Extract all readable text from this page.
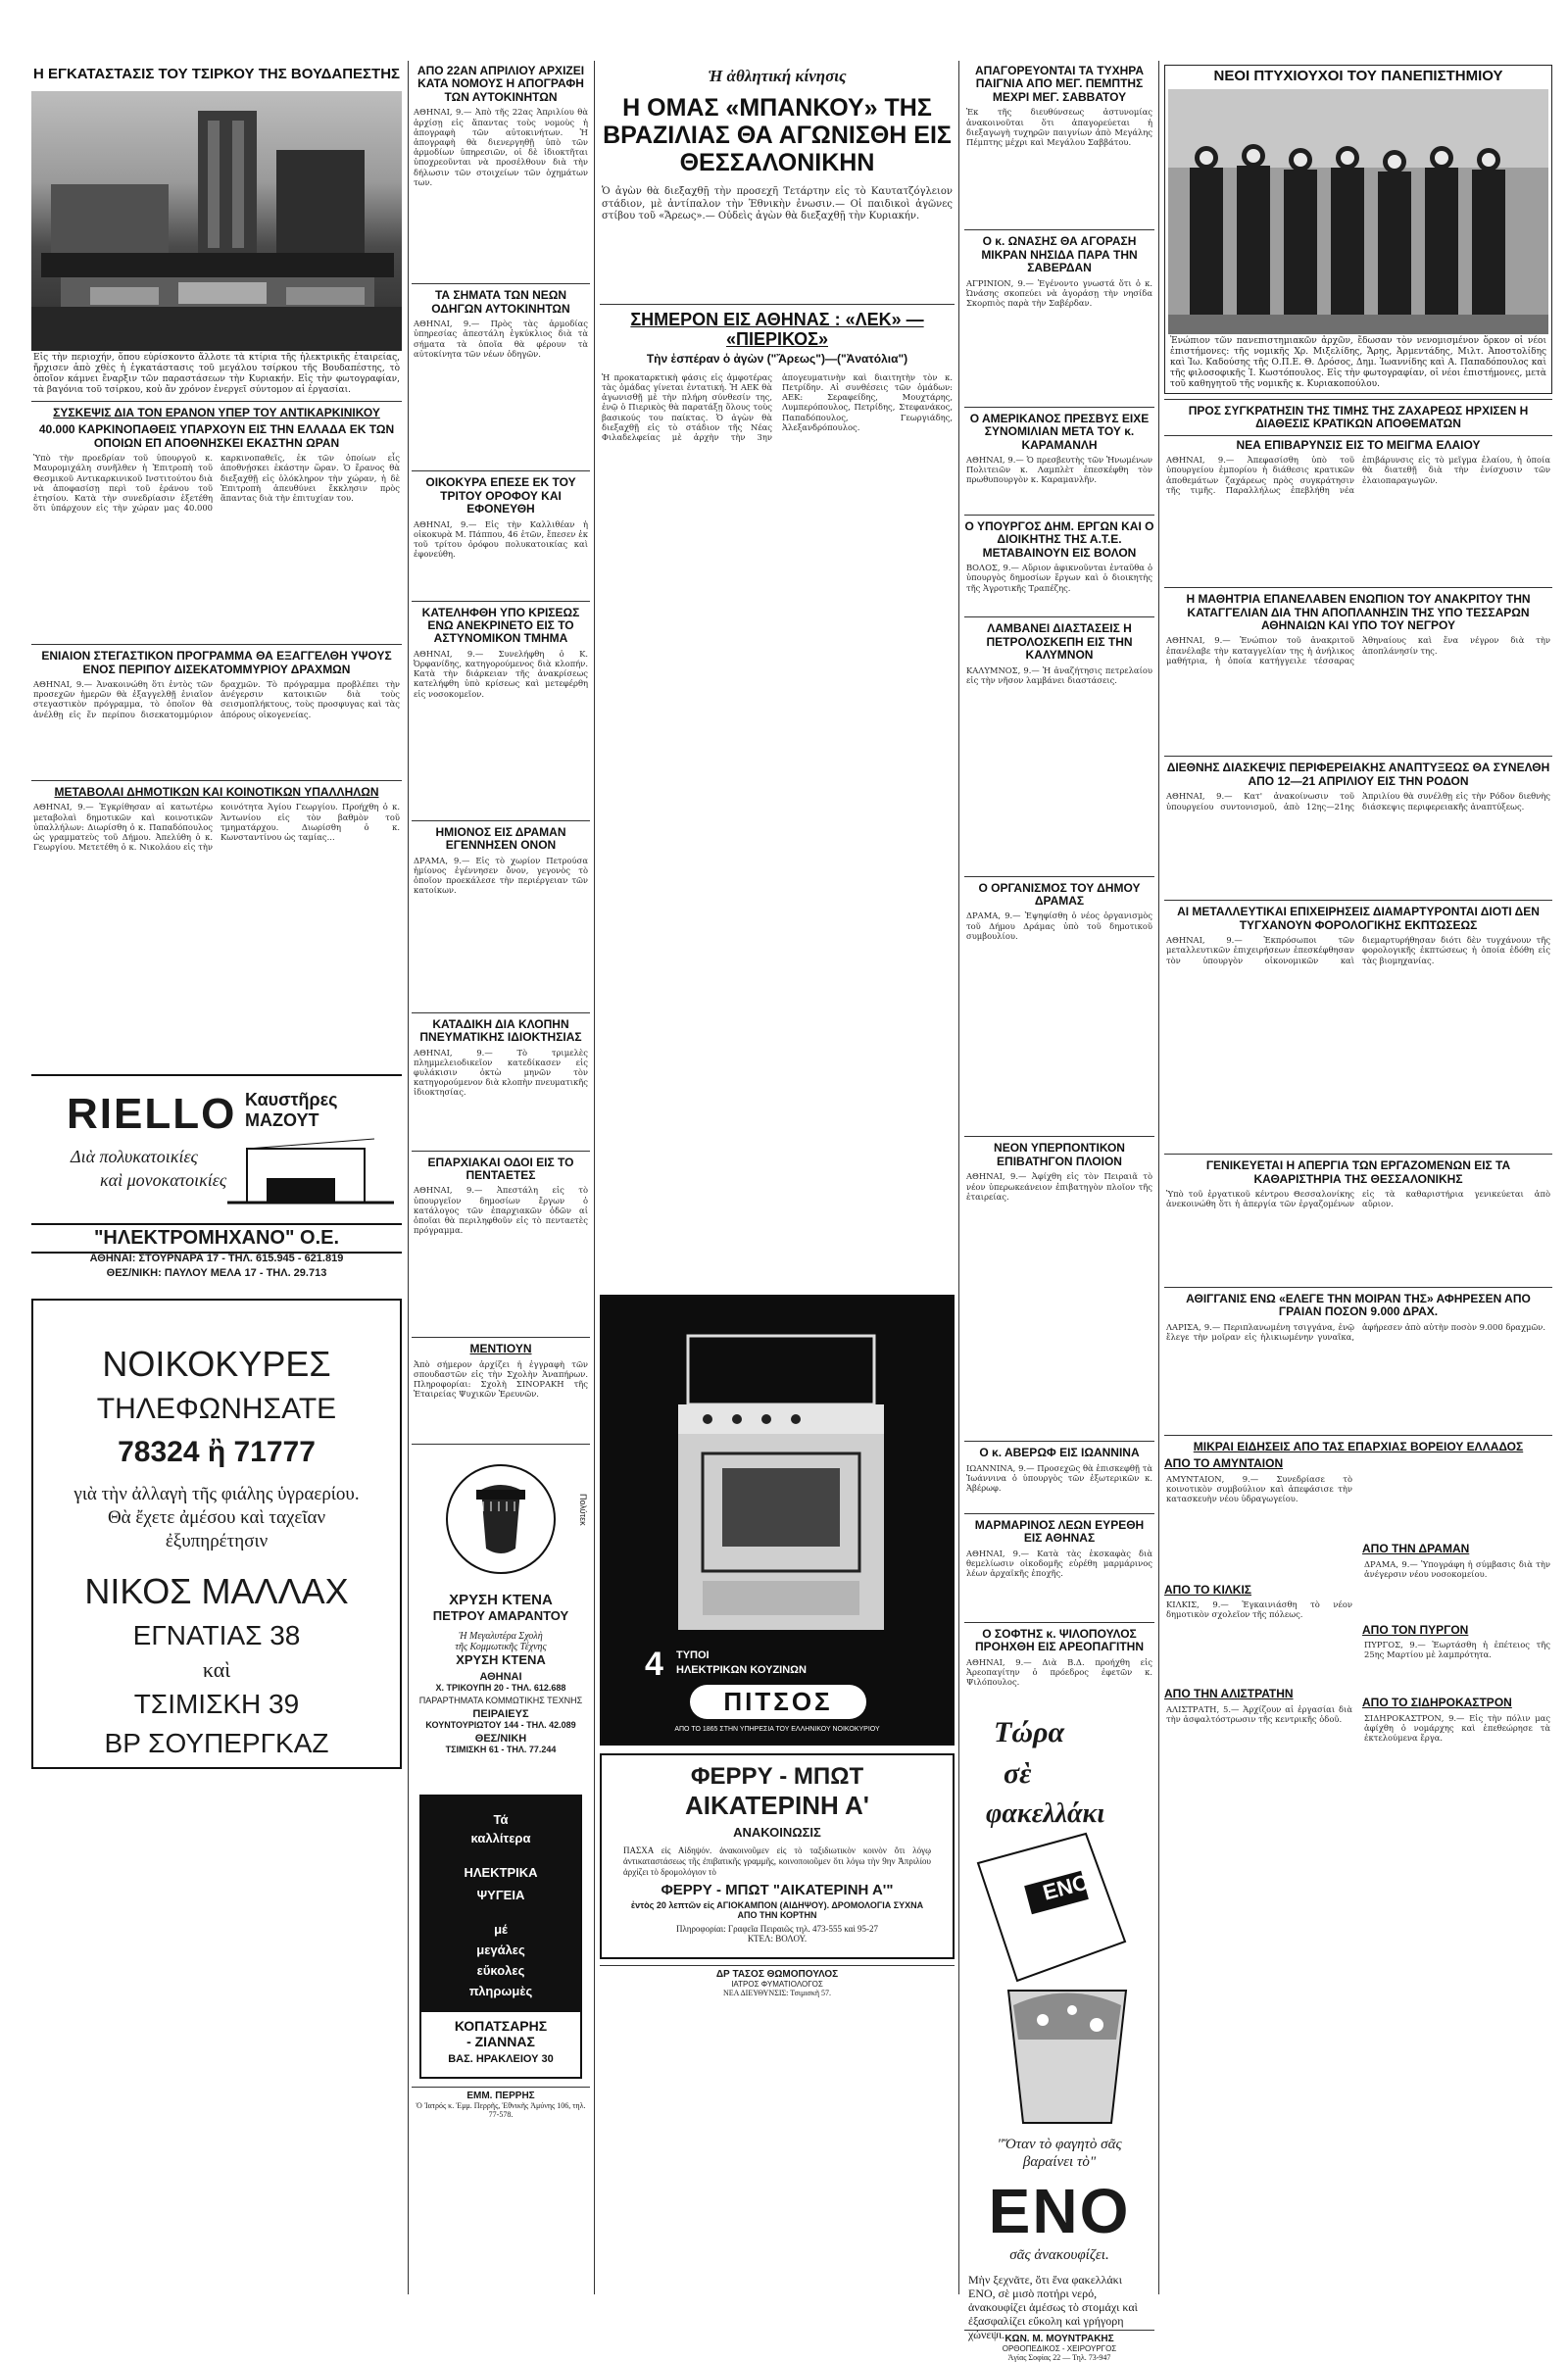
Η ΕΓΚΑΤΑΣΤΑΣΙΣ ΤΟΥ ΤΣΙΡΚΟΥ ΤΗΣ ΒΟΥΔΑΠΕΣΤΗΣ
Εἰς τὴν περιοχήν, ὅπου εὑρίσκοντο ἄλλοτε τὰ κτίρια τῆς ἠλεκτρικῆς ἑταιρείας, ἤρχισεν ἀπὸ χθὲς ἡ ἐγκατάστασις τοῦ μεγάλου τσίρκου τῆς Βουδαπέστης, τὸ ὁποῖον κάμνει ἔναρξιν τῶν παραστάσεων τὴν Κυριακήν. Εἰς τὴν φωτογραφίαν, τὰ βαγόνια τοῦ τσίρκου, κοὐ ἄν χρόνον ἐνεργεῖ σύντομον αἱ ἐργασίαι.
ΣΥΣΚΕΨΙΣ ΔΙΑ ΤΟΝ ΕΡΑΝΟΝ ΥΠΕΡ ΤΟΥ ΑΝΤΙΚΑΡΚΙΝΙΚΟΥ
40.000 ΚΑΡΚΙΝΟΠΑΘΕΙΣ ΥΠΑΡΧΟΥΝ ΕΙΣ ΤΗΝ ΕΛΛΑΔΑ ΕΚ ΤΩΝ ΟΠΟΙΩΝ ΕΠ ΑΠΟΘΝΗΣΚΕΙ ΕΚΑΣΤΗΝ ΩΡΑΝ
Ὑπὸ τὴν προεδρίαν τοῦ ὑπουργοῦ κ. Μαυρομιχάλη συνῆλθεν ἡ Ἐπιτροπὴ τοῦ Θεσμικοῦ Αντικαρκινικοῦ Ινστιτούτου διὰ νὰ ἀποφασίσῃ περὶ τοῦ ἐράνου τοῦ ἐτησίου. Κατὰ τὴν συνεδρίασιν ἐξετέθη ὅτι ὑπάρχουν εἰς τὴν χώραν μας 40.000 καρκινοπαθεῖς, ἐκ τῶν ὁποίων εἷς ἀποθνῄσκει ἑκάστην ὥραν. Ὁ ἔρανος θὰ διεξαχθῇ εἰς ὁλόκληρον τὴν χώραν, ἡ δὲ Ἐπιτροπὴ ἀπευθύνει ἔκκλησιν πρὸς ἅπαντας διὰ τὴν ἐπιτυχίαν του.
ΕΝΙΑΙΟΝ ΣΤΕΓΑΣΤΙΚΟΝ ΠΡΟΓΡΑΜΜΑ ΘΑ ΕΞΑΓΓΕΛΘΗ ΥΨΟΥΣ ΕΝΟΣ ΠΕΡΙΠΟΥ ΔΙΣΕΚΑΤΟΜΜΥΡΙΟΥ ΔΡΑΧΜΩΝ
ΑΘΗΝΑΙ, 9.— Ἀνακοινώθη ὅτι ἐντὸς τῶν προσεχῶν ἡμερῶν θὰ ἐξαγγελθῇ ἑνιαῖον στεγαστικὸν πρόγραμμα, τὸ ὁποῖον θὰ ἀνέλθῃ εἰς ἕν περίπου δισεκατομμύριον δραχμῶν. Τὸ πρόγραμμα προβλέπει τὴν ἀνέγερσιν κατοικιῶν διὰ τοὺς σεισμοπλήκτους, τοὺς προσφυγας καὶ τὰς ἀπόρους οἰκογενείας.
ΜΕΤΑΒΟΛΑΙ ΔΗΜΟΤΙΚΩΝ ΚΑΙ ΚΟΙΝΟΤΙΚΩΝ ΥΠΑΛΛΗΛΩΝ
ΑΘΗΝΑΙ, 9.— Ἐγκρίθησαν αἱ κατωτέρω μεταβολαὶ δημοτικῶν καὶ κοινοτικῶν ὑπαλλήλων: Διωρίσθη ὁ κ. Παπαδόπουλος ὡς γραμματεὺς τοῦ Δήμου. Ἀπελύθη ὁ κ. Γεωργίου. Μετετέθη ὁ κ. Νικολάου εἰς τὴν κοινότητα Ἀγίου Γεωργίου. Προήχθη ὁ κ. Ἀντωνίου εἰς τὸν βαθμὸν τοῦ τμηματάρχου. Διωρίσθη ὁ κ. Κωνσταντίνου ὡς ταμίας...
RIELLO Καυστῆρες ΜΑΖΟΥΤ
Διὰ πολυκατοικίες
καὶ μονοκατοικίες
"ΗΛΕΚΤΡΟΜΗΧΑΝΟ" Ο.Ε.
ΑΘΗΝΑΙ: ΣΤΟΥΡΝΑΡΑ 17 - ΤΗΛ. 615.945 - 621.819
ΘΕΣ/ΝΙΚΗ: ΠΑΥΛΟΥ ΜΕΛΑ 17 - ΤΗΛ. 29.713
ΝΟΙΚΟΚΥΡΕΣ
ΤΗΛΕΦΩΝΗΣΑΤΕ
78324 ἢ 71777
γιὰ τὴν ἀλλαγὴ τῆς φιάλης ὑγραερίου. Θὰ ἔχετε ἀμέσου καὶ ταχεῖαν ἐξυπηρέτησιν
ΝΙΚΟΣ ΜΑΛΛΑΧ
ΕΓΝΑΤΙΑΣ 38
καὶ
ΤΣΙΜΙΣΚΗ 39
ΒΡ ΣΟΥΠΕΡΓΚΑΖ
ΑΠΟ 22ΑΝ ΑΠΡΙΛΙΟΥ ΑΡΧΙΖΕΙ ΚΑΤΑ ΝΟΜΟΥΣ Η ΑΠΟΓΡΑΦΗ ΤΩΝ ΑΥΤΟΚΙΝΗΤΩΝ
ΑΘΗΝΑΙ, 9.— Ἀπὸ τῆς 22ας Ἀπριλίου θὰ ἀρχίσῃ εἰς ἅπαντας τοὺς νομοὺς ἡ ἀπογραφὴ τῶν αὐτοκινήτων. Ἡ ἀπογραφὴ θὰ διενεργηθῇ ὑπὸ τῶν ἁρμοδίων ὑπηρεσιῶν, οἱ δὲ ἰδιοκτῆται ὑποχρεοῦνται νὰ προσέλθουν διὰ τὴν δήλωσιν τῶν στοιχείων τῶν ὀχημάτων των.
ΤΑ ΣΗΜΑΤΑ ΤΩΝ ΝΕΩΝ ΟΔΗΓΩΝ ΑΥΤΟΚΙΝΗΤΩΝ
ΑΘΗΝΑΙ, 9.— Πρὸς τὰς ἁρμοδίας ὑπηρεσίας ἀπεστάλη ἐγκύκλιος διὰ τὰ σήματα τὰ ὁποῖα θὰ φέρουν τὰ αὐτοκίνητα τῶν νέων ὁδηγῶν.
ΟΙΚΟΚΥΡΑ ΕΠΕΣΕ ΕΚ ΤΟΥ ΤΡΙΤΟΥ ΟΡΟΦΟΥ ΚΑΙ ΕΦΟΝΕΥΘΗ
ΑΘΗΝΑΙ, 9.— Εἰς τὴν Καλλιθέαν ἡ οἰκοκυρὰ Μ. Πάππου, 46 ἐτῶν, ἔπεσεν ἐκ τοῦ τρίτου ὀρόφου πολυκατοικίας καὶ ἐφονεύθη.
ΚΑΤΕΛΗΦΘΗ ΥΠΟ ΚΡΙΣΕΩΣ ΕΝΩ ΑΝΕΚΡΙΝΕΤΟ ΕΙΣ ΤΟ ΑΣΤΥΝΟΜΙΚΟΝ ΤΜΗΜΑ
ΑΘΗΝΑΙ, 9.— Συνελήφθη ὁ Κ. Ὀρφανίδης, κατηγορούμενος διὰ κλοπήν. Κατὰ τὴν διάρκειαν τῆς ἀνακρίσεως κατελήφθη ὑπὸ κρίσεως καὶ μετεφέρθη εἰς νοσοκομεῖον.
ΗΜΙΟΝΟΣ ΕΙΣ ΔΡΑΜΑΝ ΕΓΕΝΝΗΣΕΝ ΟΝΟΝ
ΔΡΑΜΑ, 9.— Εἰς τὸ χωρίον Πετρούσα ἡμίονος ἐγέννησεν ὄνον, γεγονὸς τὸ ὁποῖον προεκάλεσε τὴν περιέργειαν τῶν κατοίκων.
ΚΑΤΑΔΙΚΗ ΔΙΑ ΚΛΟΠΗΝ ΠΝΕΥΜΑΤΙΚΗΣ ΙΔΙΟΚΤΗΣΙΑΣ
ΑΘΗΝΑΙ, 9.— Τὸ τριμελὲς πλημμελειοδικεῖον κατεδίκασεν εἰς φυλάκισιν ὀκτὼ μηνῶν τὸν κατηγορούμενον διὰ κλοπὴν πνευματικῆς ἰδιοκτησίας.
ΕΠΑΡΧΙΑΚΑΙ ΟΔΟΙ ΕΙΣ ΤΟ ΠΕΝΤΑΕΤΕΣ
ΑΘΗΝΑΙ, 9.— Ἀπεστάλη εἰς τὸ ὑπουργεῖον δημοσίων ἔργων ὁ κατάλογος τῶν ἐπαρχιακῶν ὁδῶν αἱ ὁποῖαι θὰ περιληφθοῦν εἰς τὸ πενταετὲς πρόγραμμα.
ΜΕΝΤΙΟΥΝ
Ἀπὸ σήμερον ἀρχίζει ἡ ἐγγραφὴ τῶν σπουδαστῶν εἰς τὴν Σχολὴν Ἀναπήρων. Πληροφορίαι: Σχολὴ ΣΙΝΟΡΑΚΗ τῆς Ἑταιρείας Ψυχικῶν Ἐρευνῶν.
Πολύτεκ
ΧΡΥΣΗ ΚΤΕΝΑ
ΠΕΤΡΟΥ ΑΜΑΡΑΝΤΟΥ
Ἡ Μεγαλυτέρα Σχολὴ
τῆς Κομμωτικῆς Τέχνης
ΧΡΥΣΗ ΚΤΕΝΑ
ΑΘΗΝΑΙ
Χ. ΤΡΙΚΟΥΠΗ 20 - ΤΗΛ. 612.688
ΠΑΡΑΡΤΗΜΑΤΑ ΚΟΜΜΩΤΙΚΗΣ ΤΕΧΝΗΣ
ΠΕΙΡΑΙΕΥΣ
ΚΟΥΝΤΟΥΡΙΩΤΟΥ 144 - ΤΗΛ. 42.089
ΘΕΣ/ΝΙΚΗ
ΤΣΙΜΙΣΚΗ 61 - ΤΗΛ. 77.244
Τά
καλλίτερα
ΗΛΕΚΤΡΙΚΑ
ΨΥΓΕΙΑ
μέ
μεγάλες
εὔκολες
πληρωμὲς
ΚΟΠΑΤΣΑΡΗΣ
- ΖΙΑΝΝΑΣ
ΒΑΣ. ΗΡΑΚΛΕΙΟΥ 30
ΕΜΜ. ΠΕΡΡΗΣ
Ὁ Ἰατρός κ. Ἐμμ. Περρῆς, Ἐθνικῆς Ἀμύνης 106, τηλ. 77-578.
Ἡ ἀθλητική κίνησις
Η ΟΜΑΣ «ΜΠΑΝΚΟΥ» ΤΗΣ ΒΡΑΖΙΛΙΑΣ ΘΑ ΑΓΩΝΙΣΘΗ ΕΙΣ ΘΕΣΣΑΛΟΝΙΚΗΝ
Ὁ ἀγὼν θὰ διεξαχθῇ τὴν προσεχῆ Τετάρτην εἰς τὸ Καυτατζόγλειον στάδιον, μὲ ἀντίπαλον τὴν Ἐθνικὴν ἐνωσιν.— Οἱ παιδικοὶ ἀγῶνες στίβου τοῦ «Ἄρεως».— Οὐδεὶς ἀγὼν θὰ διεξαχθῇ τὴν Κυριακήν.
ΣΗΜΕΡΟΝ ΕΙΣ ΑΘΗΝΑΣ : «ΛΕΚ» — «ΠΙΕΡΙΚΟΣ»
Τὴν ἐσπέραν ὁ ἀγὼν ("Ἄρεως")—("Ἀνατόλια")
Ἡ προκαταρκτικὴ φάσις εἰς ἀμφοτέρας τὰς ὁμάδας γίνεται ἐντατική. Ἡ ΑΕΚ θὰ ἀγωνισθῇ μὲ τὴν πλήρη σύνθεσίν της, ἐνῷ ὁ Πιερικὸς θὰ παρατάξῃ ὅλους τοὺς βασικούς του παίκτας. Ὁ ἀγὼν θὰ διεξαχθῇ εἰς τὸ στάδιον τῆς Νέας Φιλαδελφείας μὲ ἀρχὴν τὴν 3ην ἀπογευματινὴν καὶ διαιτητὴν τὸν κ. Πετρίδην. Αἱ συνθέσεις τῶν ὁμάδων: ΑΕΚ: Σεραφείδης, Μουχτάρης, Λυμπερόπουλος, Πετρίδης, Στεφανάκος, Παπαδόπουλος, Γεωργιάδης, Ἀλεξανδρόπουλος.
4 ΤΥΠΟΙ
ΗΛΕΚΤΡΙΚΩΝ ΚΟΥΖΙΝΩΝ
ΠΙΤΣΟΣ
ΑΠΟ ΤΟ 1865 ΣΤΗΝ ΥΠΗΡΕΣΙΑ ΤΟΥ ΕΛΛΗΝΙΚΟΥ ΝΟΙΚΟΚΥΡΙΟΥ
ΦΕΡΡΥ - ΜΠΩΤ
ΑΙΚΑΤΕΡΙΝΗ Α'
ΑΝΑΚΟΙΝΩΣΙΣ
ΠΑΣΧΑ εἰς Αἰδηψόν. ἀνακοινοῦμεν εἰς τὸ ταξιδιωτικὸν κοινὸν ὅτι λόγῳ ἀντικαταστάσεως τῆς ἐπιβατικῆς γραμμῆς, κοινοποιοῦμεν ὅτι λόγω τὴν 9ην Ἀπριλίου ἀρχίζει τὸ δρομολόγιον τὸ
ΦΕΡΡΥ - ΜΠΩΤ "ΑΙΚΑΤΕΡΙΝΗ Α'"
ἐντὸς 20 λεπτῶν εἰς ΑΓΙΟΚΑΜΠΟΝ (ΑΙΔΗΨΟΥ). ΔΡΟΜΟΛΟΓΙΑ ΣΥΧΝΑ ΑΠΟ ΤΗΝ ΚΟΡΤΗΝ
Πληροφορίαι: Γραφεῖα Πειραιῶς τηλ. 473-555 καὶ 95-27
ΚΤΕΛ: ΒΟΛΟΥ.
ΔΡ ΤΑΣΟΣ ΘΩΜΟΠΟΥΛΟΣ
ΙΑΤΡΟΣ ΦΥΜΑΤΙΟΛΟΓΟΣ
ΝΕΑ ΔΙΕΥΘΥΝΣΙΣ: Τσιμισκῆ 57.
ΑΠΑΓΟΡΕΥΟΝΤΑΙ ΤΑ ΤΥΧΗΡΑ ΠΑΙΓΝΙΑ ΑΠΟ ΜΕΓ. ΠΕΜΠΤΗΣ ΜΕΧΡΙ ΜΕΓ. ΣΑΒΒΑΤΟΥ
Ἐκ τῆς διευθύνσεως ἀστυνομίας ἀνακοινοῦται ὅτι ἀπαγορεύεται ἡ διεξαγωγὴ τυχηρῶν παιγνίων ἀπὸ Μεγάλης Πέμπτης μέχρι καὶ Μεγάλου Σαββάτου.
Ο κ. ΩΝΑΣΗΣ ΘΑ ΑΓΟΡΑΣΗ ΜΙΚΡΑΝ ΝΗΣΙΔΑ ΠΑΡΑ ΤΗΝ ΣΑΒΕΡΔΑΝ
ΑΓΡΙΝΙΟΝ, 9.— Ἐγένοντο γνωστά ὅτι ὁ κ. Ὠνάσης σκοπεύει νὰ ἀγοράσῃ τὴν νησίδα Σκορπιὸς παρὰ τὴν Σαβέρδαν.
Ο ΑΜΕΡΙΚΑΝΟΣ ΠΡΕΣΒΥΣ ΕΙΧΕ ΣΥΝΟΜΙΛΙΑΝ ΜΕΤΑ ΤΟΥ κ. ΚΑΡΑΜΑΝΛΗ
ΑΘΗΝΑΙ, 9.— Ὁ πρεσβευτὴς τῶν Ἡνωμένων Πολιτειῶν κ. Λαμπλὲτ ἐπεσκέφθη τὸν πρωθυπουργὸν κ. Καραμανλῆν.
Ο ΥΠΟΥΡΓΟΣ ΔΗΜ. ΕΡΓΩΝ ΚΑΙ Ο ΔΙΟΙΚΗΤΗΣ ΤΗΣ Α.Τ.Ε. ΜΕΤΑΒΑΙΝΟΥΝ ΕΙΣ ΒΟΛΟΝ
ΒΟΛΟΣ, 9.— Αὔριον ἀφικνοῦνται ἐνταῦθα ὁ ὑπουργὸς δημοσίων ἔργων καὶ ὁ διοικητὴς τῆς Ἀγροτικῆς Τραπέζης.
ΛΑΜΒΑΝΕΙ ΔΙΑΣΤΑΣΕΙΣ Η ΠΕΤΡΟΛΟΣΚΕΠΗ ΕΙΣ ΤΗΝ ΚΑΛΥΜΝΟΝ
ΚΑΛΥΜΝΟΣ, 9.— Ἡ ἀναζήτησις πετρελαίου εἰς τὴν νῆσον λαμβάνει διαστάσεις.
Ο ΟΡΓΑΝΙΣΜΟΣ ΤΟΥ ΔΗΜΟΥ ΔΡΑΜΑΣ
ΔΡΑΜΑ, 9.— Ἐψηφίσθη ὁ νέος ὀργανισμὸς τοῦ Δήμου Δράμας ὑπὸ τοῦ δημοτικοῦ συμβουλίου.
ΝΕΟΝ ΥΠΕΡΠΟΝΤΙΚΟΝ ΕΠΙΒΑΤΗΓΟΝ ΠΛΟΙΟΝ
ΑΘΗΝΑΙ, 9.— Ἀφίχθη εἰς τὸν Πειραιᾶ τὸ νέον ὑπερωκεάνειον ἐπιβατηγὸν πλοῖον τῆς ἑταιρείας.
Ο κ. ΑΒΕΡΩΦ ΕΙΣ ΙΩΑΝΝΙΝΑ
ΙΩΑΝΝΙΝΑ, 9.— Προσεχῶς θὰ ἐπισκεφθῇ τὰ Ἰωάννινα ὁ ὑπουργὸς τῶν ἐξωτερικῶν κ. Ἀβέρωφ.
ΜΑΡΜΑΡΙΝΟΣ ΛΕΩΝ ΕΥΡΕΘΗ ΕΙΣ ΑΘΗΝΑΣ
ΑΘΗΝΑΙ, 9.— Κατὰ τὰς ἐκσκαφὰς διὰ θεμελίωσιν οἰκοδομῆς εὑρέθη μαρμάρινος λέων ἀρχαϊκῆς ἐποχῆς.
Ο ΣΟΦΤΗΣ κ. ΨΙΛΟΠΟΥΛΟΣ ΠΡΟΗΧΘΗ ΕΙΣ ΑΡΕΟΠΑΓΙΤΗΝ
ΑΘΗΝΑΙ, 9.— Διὰ Β.Δ. προήχθη εἰς Ἀρεοπαγίτην ὁ πρόεδρος ἐφετῶν κ. Ψιλόπουλος.
Τώρα
σὲ
φακελλάκι
ENO
"Ὅταν τὸ φαγητὸ σᾶς βαραίνει τὸ"
ΕΝΟ
σᾶς ἀνακουφίζει.
Μὴν ξεχνᾶτε, ὅτι ἕνα φακελλάκι ENO, σὲ μισὸ ποτήρι νερό, ἀνακουφίζει ἀμέσως τὸ στομάχι καὶ ἐξασφαλίζει εὔκολη καὶ γρήγορη χώνεψι. ΚΩΝ. Μ. ΜΟΥΝΤΡΑΚΗΣ
ΟΡΘΟΠΕΔΙΚΟΣ - ΧΕΙΡΟΥΡΓΟΣ
Ἁγίας Σοφίας 22 — Τηλ. 73-947
ΝΕΟΙ ΠΤΥΧΙΟΥΧΟΙ ΤΟΥ ΠΑΝΕΠΙΣΤΗΜΙΟΥ
Ἐνώπιον τῶν πανεπιστημιακῶν ἀρχῶν, ἔδωσαν τὸν νενομισμένον ὅρκον οἱ νέοι ἐπιστήμονες: τῆς νομικῆς Χρ. Μιξελίδης, Ἄρης, Ἀρμεντάδης, Μιλτ. Ἀποστολίδης καὶ Ἰω. Καδούσης τῆς Ο.Π.Ε. Θ. Δρόσος, Δημ. Ἰωαννίδης καὶ Α. Παπαδόπουλος καὶ τῆς φιλοσοφικῆς Ἰ. Κωστόπουλος. Εἰς τὴν φωτογραφίαν, οἱ νέοι ἐπιστήμονες, μετὰ τοῦ καθηγητοῦ τῆς νομικῆς κ. Κυριακοπούλου.
ΠΡΟΣ ΣΥΓΚΡΑΤΗΣΙΝ ΤΗΣ ΤΙΜΗΣ ΤΗΣ ΖΑΧΑΡΕΩΣ ΗΡΧΙΣΕΝ Η ΔΙΑΘΕΣΙΣ ΚΡΑΤΙΚΩΝ ΑΠΟΘΕΜΑΤΩΝ
ΝΕΑ ΕΠΙΒΑΡΥΝΣΙΣ ΕΙΣ ΤΟ ΜΕΙΓΜΑ ΕΛΑΙΟΥ
ΑΘΗΝΑΙ, 9.— Ἀπεφασίσθη ὑπὸ τοῦ ὑπουργείου ἐμπορίου ἡ διάθεσις κρατικῶν ἀποθεμάτων ζαχάρεως πρὸς συγκράτησιν τῆς τιμῆς. Παραλλήλως ἐπεβλήθη νέα ἐπιβάρυνσις εἰς τὸ μεῖγμα ἐλαίου, ἡ ὁποία θὰ διατεθῇ διὰ τὴν ἐνίσχυσιν τῶν ἐλαιοπαραγωγῶν.
Η ΜΑΘΗΤΡΙΑ ΕΠΑΝΕΛΑΒΕΝ ΕΝΩΠΙΟΝ ΤΟΥ ΑΝΑΚΡΙΤΟΥ ΤΗΝ ΚΑΤΑΓΓΕΛΙΑΝ ΔΙΑ ΤΗΝ ΑΠΟΠΛΑΝΗΣΙΝ ΤΗΣ ΥΠΟ ΤΕΣΣΑΡΩΝ ΑΘΗΝΑΙΩΝ ΚΑΙ ΥΠΟ ΤΟΥ ΝΕΓΡΟΥ
ΑΘΗΝΑΙ, 9.— Ἐνώπιον τοῦ ἀνακριτοῦ ἐπανέλαβε τὴν καταγγελίαν της ἡ ἀνήλικος μαθήτρια, ἡ ὁποία κατήγγειλε τέσσαρας Ἀθηναίους καὶ ἕνα νέγρον διὰ τὴν ἀποπλάνησίν της.
ΔΙΕΘΝΗΣ ΔΙΑΣΚΕΨΙΣ ΠΕΡΙΦΕΡΕΙΑΚΗΣ ΑΝΑΠΤΥΞΕΩΣ ΘΑ ΣΥΝΕΛΘΗ ΑΠΟ 12—21 ΑΠΡΙΛΙΟΥ ΕΙΣ ΤΗΝ ΡΟΔΟΝ
ΑΘΗΝΑΙ, 9.— Κατ' ἀνακοίνωσιν τοῦ ὑπουργείου συντονισμοῦ, ἀπὸ 12ης—21ης Ἀπριλίου θὰ συνέλθῃ εἰς τὴν Ρόδον διεθνὴς διάσκεψις περιφερειακῆς ἀναπτύξεως.
ΑΙ ΜΕΤΑΛΛΕΥΤΙΚΑΙ ΕΠΙΧΕΙΡΗΣΕΙΣ ΔΙΑΜΑΡΤΥΡΟΝΤΑΙ ΔΙΟΤΙ ΔΕΝ ΤΥΓΧΑΝΟΥΝ ΦΟΡΟΛΟΓΙΚΗΣ ΕΚΠΤΩΣΕΩΣ
ΑΘΗΝΑΙ, 9.— Ἐκπρόσωποι τῶν μεταλλευτικῶν ἐπιχειρήσεων ἐπεσκέφθησαν τὸν ὑπουργὸν οἰκονομικῶν καὶ διεμαρτυρήθησαν διότι δὲν τυγχάνουν τῆς φορολογικῆς ἐκπτώσεως ἡ ὁποία ἐδόθη εἰς τὰς βιομηχανίας.
ΓΕΝΙΚΕΥΕΤΑΙ Η ΑΠΕΡΓΙΑ ΤΩΝ ΕΡΓΑΖΟΜΕΝΩΝ ΕΙΣ ΤΑ ΚΑΘΑΡΙΣΤΗΡΙΑ ΤΗΣ ΘΕΣΣΑΛΟΝΙΚΗΣ
Ὑπὸ τοῦ ἐργατικοῦ κέντρου Θεσσαλονίκης ἀνεκοινώθη ὅτι ἡ ἀπεργία τῶν ἐργαζομένων εἰς τὰ καθαριστήρια γενικεύεται ἀπὸ αὔριον.
ΑΘΙΓΓΑΝΙΣ ΕΝΩ «ΕΛΕΓΕ ΤΗΝ ΜΟΙΡΑΝ ΤΗΣ» ΑΦΗΡΕΣΕΝ ΑΠΟ ΓΡΑΙΑΝ ΠΟΣΟΝ 9.000 ΔΡΑΧ.
ΛΑΡΙΣΑ, 9.— Περιπλανωμένη τσιγγάνα, ἐνῷ ἔλεγε τὴν μοῖραν εἰς ἡλικιωμένην γυναῖκα, ἀφήρεσεν ἀπὸ αὐτὴν ποσὸν 9.000 δραχμῶν.
ΜΙΚΡΑΙ ΕΙΔΗΣΕΙΣ ΑΠΟ ΤΑΣ ΕΠΑΡΧΙΑΣ ΒΟΡΕΙΟΥ ΕΛΛΑΔΟΣ
ΑΠΟ ΤΟ ΑΜΥΝΤΑΙΟΝ
ΑΜΥΝΤΑΙΟΝ, 9.— Συνεδρίασε τὸ κοινοτικὸν συμβούλιον καὶ ἀπεφάσισε τὴν κατασκευὴν νέου ὑδραγωγείου.
ΑΠΟ ΤΟ ΚΙΛΚΙΣ
ΚΙΛΚΙΣ, 9.— Ἐγκαινιάσθη τὸ νέον δημοτικὸν σχολεῖον τῆς πόλεως.
ΑΠΟ ΤΗΝ ΑΛΙΣΤΡΑΤΗΝ
ΑΛΙΣΤΡΑΤΗ, 5.— Ἀρχίζουν αἱ ἐργασίαι διὰ τὴν ἀσφαλτόστρωσιν τῆς κεντρικῆς ὁδοῦ.
ΑΠΟ ΤΗΝ ΔΡΑΜΑΝ
ΔΡΑΜΑ, 9.— Ὑπογράφη ἡ σύμβασις διὰ τὴν ἀνέγερσιν νέου νοσοκομείου.
ΑΠΟ ΤΟΝ ΠΥΡΓΟΝ
ΠΥΡΓΟΣ, 9.— Ἐωρτάσθη ἡ ἐπέτειος τῆς 25ης Μαρτίου μὲ λαμπρότητα.
ΑΠΟ ΤΟ ΣΙΔΗΡΟΚΑΣΤΡΟΝ
ΣΙΔΗΡΟΚΑΣΤΡΟΝ, 9.— Εἰς τὴν πόλιν μας ἀφίχθη ὁ νομάρχης καὶ ἐπεθεώρησε τὰ ἐκτελούμενα ἔργα.
